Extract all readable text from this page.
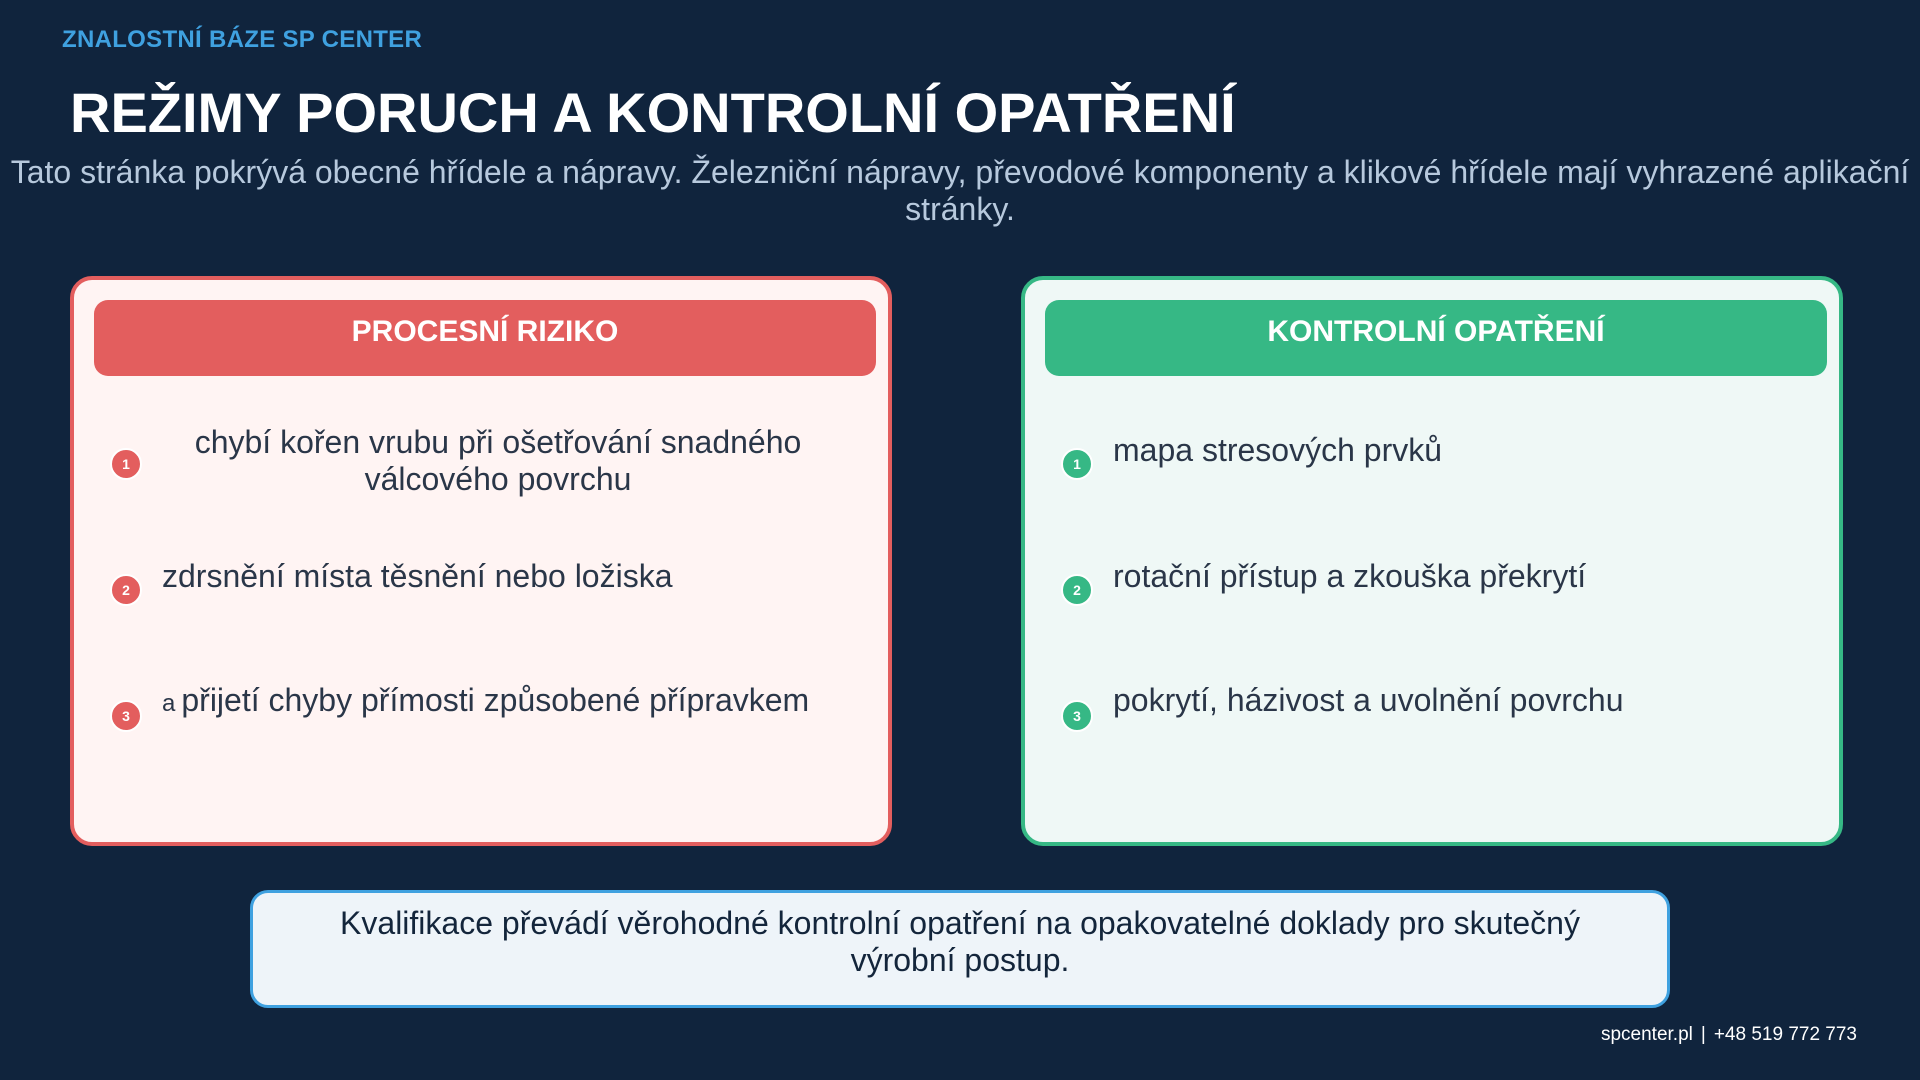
ZNALOSTNÍ BÁZE SP CENTER
REŽIMY PORUCH A KONTROLNÍ OPATŘENÍ
Tato stránka pokrývá obecné hřídele a nápravy. Železniční nápravy, převodové komponenty a klikové hřídele mají vyhrazené aplikační stránky.
PROCESNÍ RIZIKO
1
chybí kořen vrubu při ošetřování snadného válcového povrchu
2	zdrsnění místa těsnění nebo ložiska
3	a přijetí chyby přímosti způsobené přípravkem
KONTROLNÍ OPATŘENÍ
1	mapa stresových prvků
2	rotační přístup a zkouška překrytí
3	pokrytí, házivost a uvolnění povrchu
Kvalifikace převádí věrohodné kontrolní opatření na opakovatelné doklady pro skutečný výrobní postup.
spcenter.pl | +48 519 772 773
